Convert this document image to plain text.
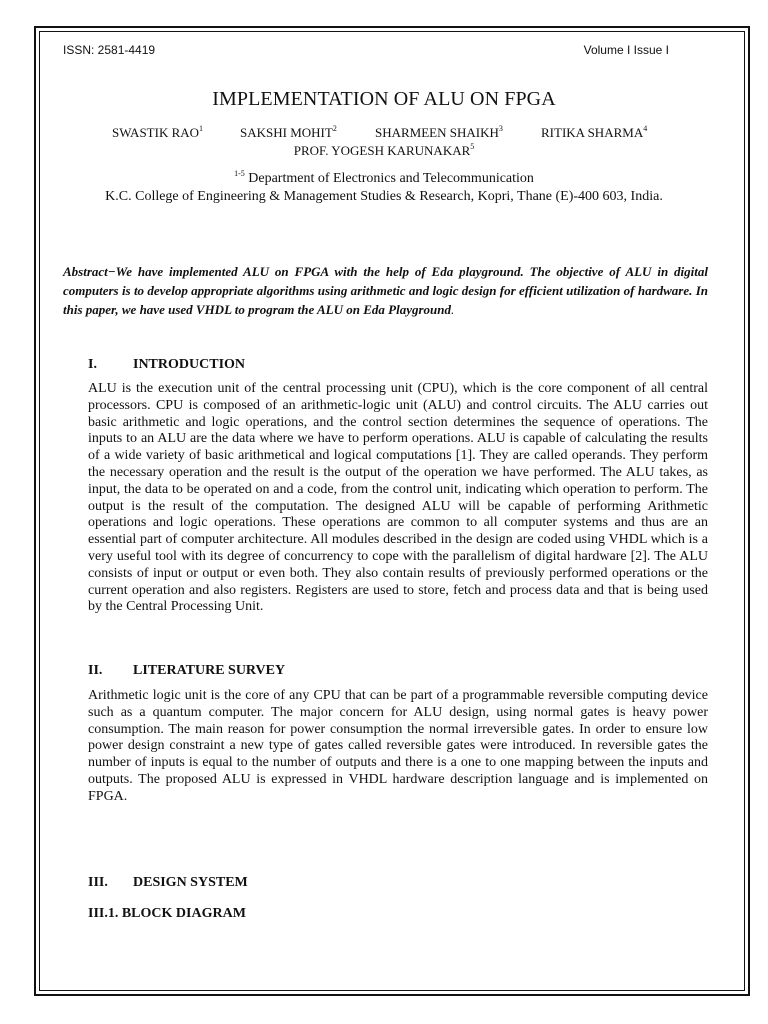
ISSN: 2581-4419	Volume I Issue I
IMPLEMENTATION OF ALU ON FPGA
SWASTIK RAO$^1$	SAKSHI MOHIT$^2$	SHARMEEN SHAIKH$^3$	RITIKA SHARMA$^4$
PROF. YOGESH KARUNAKAR$^5$
$^{1-5}$ Department of Electronics and Telecommunication
K.C. College of Engineering & Management Studies & Research, Kopri, Thane (E)-400 603, India.
Abstract−We have implemented ALU on FPGA with the help of Eda playground. The objective of ALU in digital computers is to develop appropriate algorithms using arithmetic and logic design for efficient utilization of hardware. In this paper, we have used VHDL to program the ALU on Eda Playground.
I.	INTRODUCTION
ALU is the execution unit of the central processing unit (CPU), which is the core component of all central processors. CPU is composed of an arithmetic-logic unit (ALU) and control circuits. The ALU carries out basic arithmetic and logic operations, and the control section determines the sequence of operations. The inputs to an ALU are the data where we have to perform operations. ALU is capable of calculating the results of a wide variety of basic arithmetical and logical computations [1]. They are called operands. They perform the necessary operation and the result is the output of the operation we have performed. The ALU takes, as input, the data to be operated on and a code, from the control unit, indicating which operation to perform. The output is the result of the computation. The designed ALU will be capable of performing Arithmetic operations and logic operations. These operations are common to all computer systems and thus are an essential part of computer architecture. All modules described in the design are coded using VHDL which is a very useful tool with its degree of concurrency to cope with the parallelism of digital hardware [2]. The ALU consists of input or output or even both. They also contain results of previously performed operations or the current operation and also registers. Registers are used to store, fetch and process data and that is being used by the Central Processing Unit.
II. LITERATURE SURVEY
Arithmetic logic unit is the core of any CPU that can be part of a programmable reversible computing device such as a quantum computer. The major concern for ALU design, using normal gates is heavy power consumption. The main reason for power consumption the normal irreversible gates. In order to ensure low power design constraint a new type of gates called reversible gates were introduced. In reversible gates the number of inputs is equal to the number of outputs and there is a one to one mapping between the inputs and outputs. The proposed ALU is expressed in VHDL hardware description language and is implemented on FPGA.
III. DESIGN SYSTEM
III.1. BLOCK DIAGRAM
